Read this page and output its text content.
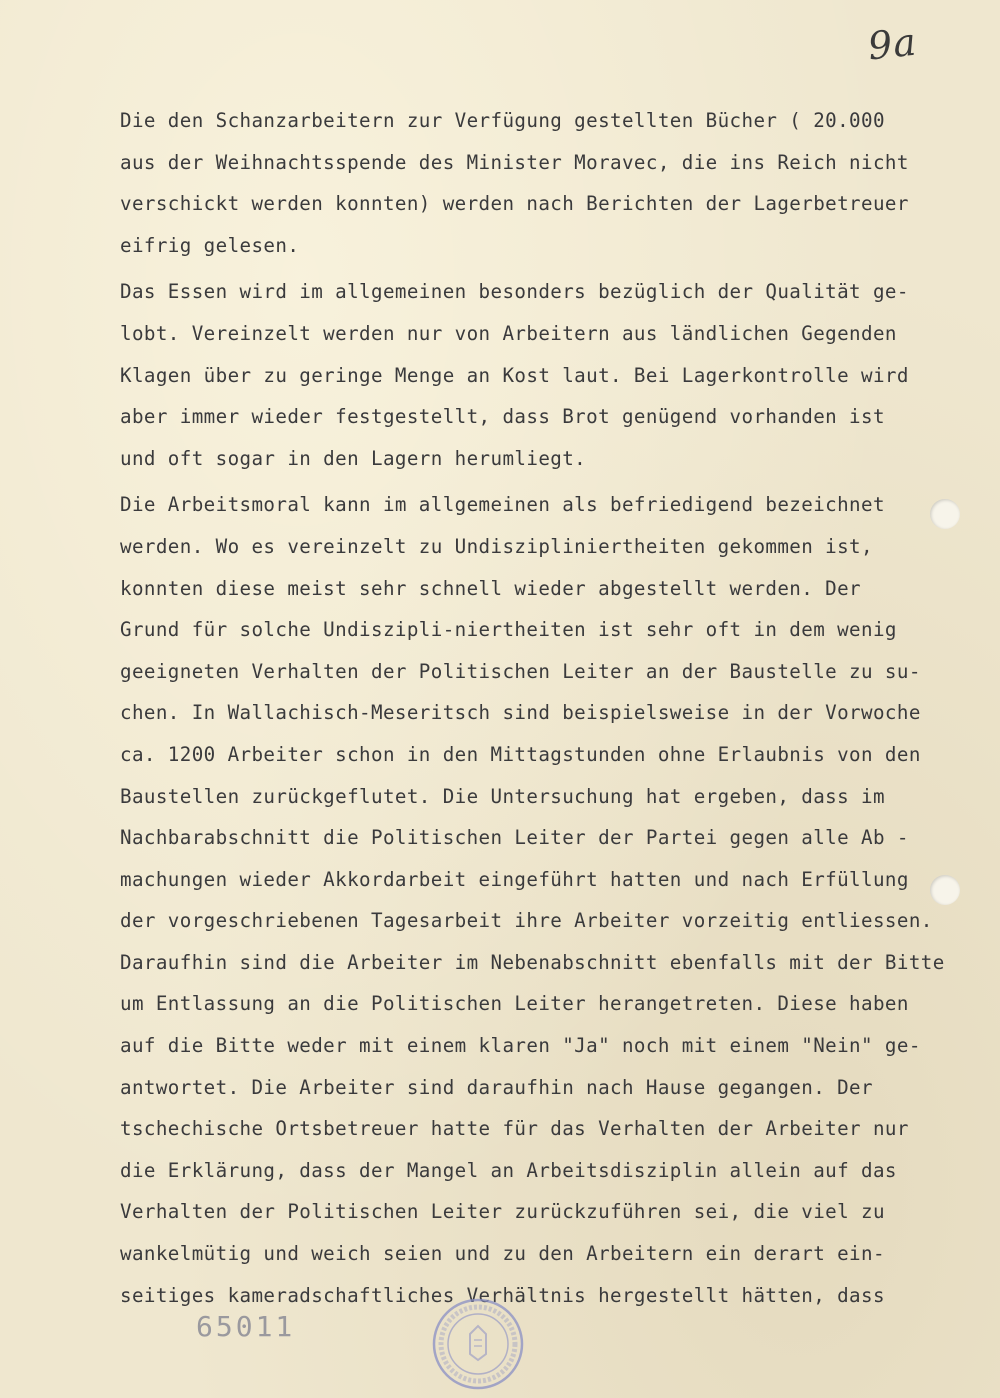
9a
Die den Schanzarbeitern zur Verfügung gestellten Bücher ( 20.000
aus der Weihnachtsspende des Minister Moravec, die ins Reich nicht
verschickt werden konnten) werden nach Berichten der Lagerbetreuer
eifrig gelesen.
Das Essen wird im allgemeinen besonders bezüglich der Qualität ge-
lobt. Vereinzelt werden nur von Arbeitern aus ländlichen Gegenden
Klagen über zu geringe Menge an Kost laut. Bei Lagerkontrolle wird
aber immer wieder festgestellt, dass Brot genügend vorhanden ist
und oft sogar in den Lagern herumliegt.
Die Arbeitsmoral kann im allgemeinen als befriedigend bezeichnet
werden. Wo es vereinzelt zu Undiszipliniertheiten gekommen ist,
konnten diese meist sehr schnell wieder abgestellt werden. Der
Grund für solche Undiszipli-niertheiten ist sehr oft in dem wenig
geeigneten Verhalten der Politischen Leiter an der Baustelle zu su-
chen. In Wallachisch-Meseritsch sind beispielsweise in der Vorwoche
ca. 1200 Arbeiter schon in den Mittagstunden ohne Erlaubnis von den
Baustellen zurückgeflutet. Die Untersuchung hat ergeben, dass im
Nachbarabschnitt die Politischen Leiter der Partei gegen alle Ab -
machungen wieder Akkordarbeit eingeführt hatten und nach Erfüllung
der vorgeschriebenen Tagesarbeit ihre Arbeiter vorzeitig entliessen.
Daraufhin sind die Arbeiter im Nebenabschnitt ebenfalls mit der Bitte
um Entlassung an die Politischen Leiter herangetreten. Diese haben
auf die Bitte weder mit einem klaren "Ja" noch mit einem "Nein" ge-
antwortet. Die Arbeiter sind daraufhin nach Hause gegangen. Der
tschechische Ortsbetreuer hatte für das Verhalten der Arbeiter nur
die Erklärung, dass der Mangel an Arbeitsdisziplin allein auf das
Verhalten der Politischen Leiter zurückzuführen sei, die viel zu
wankelmütig und weich seien und zu den Arbeitern ein derart ein-
seitiges kameradschaftliches Verhältnis hergestellt hätten, dass
65011
